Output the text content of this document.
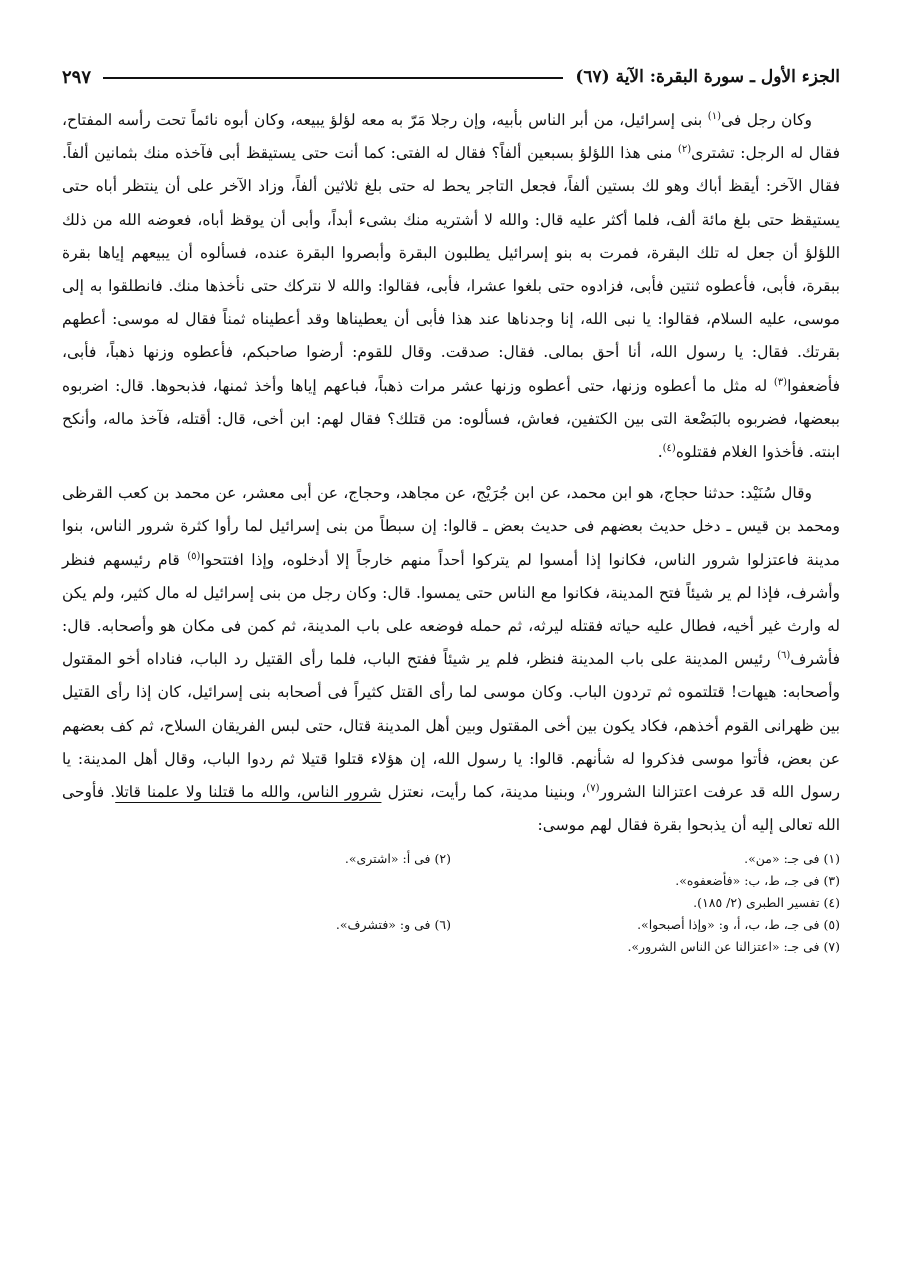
الجزء الأول ـ سورة البقرة: الآية (٦٧)
٢٩٧

وكان رجل فى$^{(١)}$ بنى إسرائيل، من أبر الناس بأبيه، وإن رجلا مَرّ به معه لؤلؤ يبيعه، وكان أبوه نائماً تحت رأسه المفتاح، فقال له الرجل: تشترى$^{(٢)}$ منى هذا اللؤلؤ بسبعين ألفاً؟ فقال له الفتى: كما أنت حتى يستيقظ أبى فآخذه منك بثمانين ألفاً. فقال الآخر: أيقظ أباك وهو لك بستين ألفاً، فجعل التاجر يحط له حتى بلغ ثلاثين ألفاً، وزاد الآخر على أن ينتظر أباه حتى يستيقظ حتى بلغ مائة ألف، فلما أكثر عليه قال: والله لا أشتريه منك بشىء أبداً، وأبى أن يوقظ أباه، فعوضه الله من ذلك اللؤلؤ أن جعل له تلك البقرة، فمرت به بنو إسرائيل يطلبون البقرة وأبصروا البقرة عنده، فسألوه أن يبيعهم إياها بقرة ببقرة، فأبى، فأعطوه ثنتين فأبى، فزادوه حتى بلغوا عشرا، فأبى، فقالوا: والله لا نتركك حتى نأخذها منك. فانطلقوا به إلى موسى، عليه السلام، فقالوا: يا نبى الله، إنا وجدناها عند هذا فأبى أن يعطيناها وقد أعطيناه ثمناً فقال له موسى: أعطهم بقرتك. فقال: يا رسول الله، أنا أحق بمالى. فقال: صدقت. وقال للقوم: أرضوا صاحبكم، فأعطوه وزنها ذهباً، فأبى، فأضعفوا$^{(٣)}$ له مثل ما أعطوه وزنها، حتى أعطوه وزنها عشر مرات ذهباً، فباعهم إياها وأخذ ثمنها، فذبحوها. قال: اضربوه ببعضها، فضربوه بالبَضْعة التى بين الكتفين، فعاش، فسألوه: من قتلك؟ فقال لهم: ابن أخى، قال: أقتله، فآخذ ماله، وأنكح ابنته. فأخذوا الغلام فقتلوه$^{(٤)}$.

وقال سُنَيْد: حدثنا حجاج، هو ابن محمد، عن ابن جُرَيْج، عن مجاهد، وحجاج، عن أبى معشر، عن محمد بن كعب القرظى ومحمد بن قيس ـ دخل حديث بعضهم فى حديث بعض ـ قالوا: إن سبطاً من بنى إسرائيل لما رأوا كثرة شرور الناس، بنوا مدينة فاعتزلوا شرور الناس، فكانوا إذا أمسوا لم يتركوا أحداً منهم خارجاً إلا أدخلوه، وإذا افتتحوا$^{(٥)}$ قام رئيسهم فنظر وأشرف، فإذا لم ير شيئاً فتح المدينة، فكانوا مع الناس حتى يمسوا. قال: وكان رجل من بنى إسرائيل له مال كثير، ولم يكن له وارث غير أخيه، فطال عليه حياته فقتله ليرثه، ثم حمله فوضعه على باب المدينة، ثم كمن فى مكان هو وأصحابه. قال: فأشرف$^{(٦)}$ رئيس المدينة على باب المدينة فنظر، فلم ير شيئاً ففتح الباب، فلما رأى القتيل رد الباب، فناداه أخو المقتول وأصحابه: هيهات! قتلتموه ثم تردون الباب. وكان موسى لما رأى القتل كثيراً فى أصحابه بنى إسرائيل، كان إذا رأى القتيل بين ظهرانى القوم أخذهم، فكاد يكون بين أخى المقتول وبين أهل المدينة قتال، حتى لبس الفريقان السلاح، ثم كف بعضهم عن بعض، فأتوا موسى فذكروا له شأنهم. قالوا: يا رسول الله، إن هؤلاء قتلوا قتيلا ثم ردوا الباب، وقال أهل المدينة: يا رسول الله قد عرفت اعتزالنا الشرور$^{(٧)}$، وبنينا مدينة، كما رأيت، نعتزل شرور الناس، والله ما قتلنا ولا علمنا قاتلا. فأوحى الله تعالى إليه أن يذبحوا بقرة فقال لهم موسى:

(١) فى جـ: «من».
(٢) فى أ: «اشترى».
(٣) فى جـ، ط، ب: «فأضعفوه».
(٤) تفسير الطبرى (٢/ ١٨٥).
(٥) فى جـ، ط، ب، أ، و: «وإذا أصبحوا».
(٦) فى و: «فتشرف».
(٧) فى جـ: «اعتزالنا عن الناس الشرور».
